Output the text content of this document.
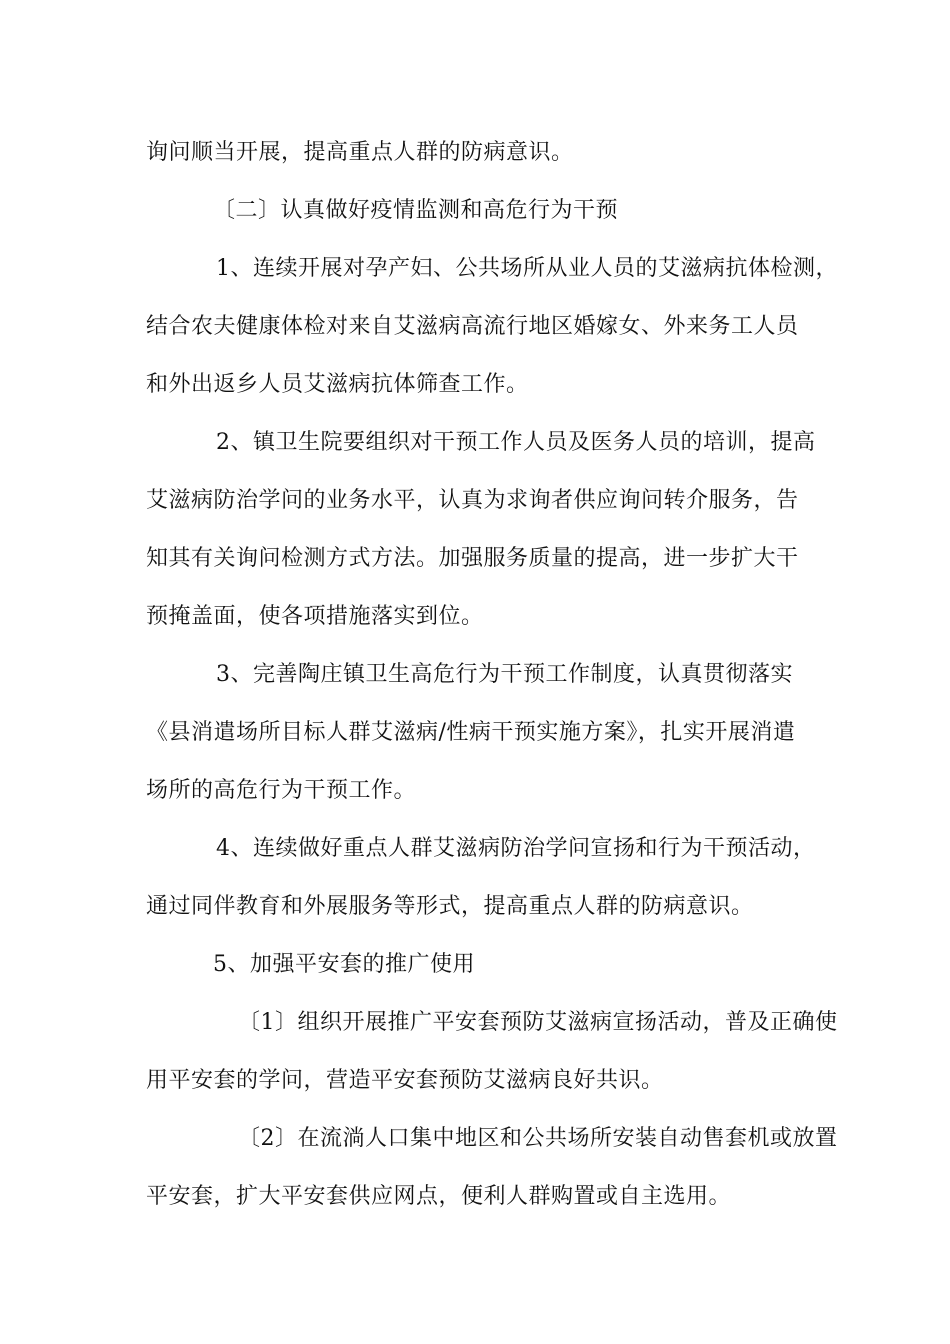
询问顺当开展，提高重点人群的防病意识。
〔二〕认真做好疫情监测和高危行为干预
1、连续开展对孕产妇、公共场所从业人员的艾滋病抗体检测，
结合农夫健康体检对来自艾滋病高流行地区婚嫁女、外来务工人员
和外出返乡人员艾滋病抗体筛查工作。
2、镇卫生院要组织对干预工作人员及医务人员的培训，提高
艾滋病防治学问的业务水平，认真为求询者供应询问转介服务，告
知其有关询问检测方式方法。加强服务质量的提高，进一步扩大干
预掩盖面，使各项措施落实到位。
3、完善陶庄镇卫生高危行为干预工作制度，认真贯彻落实
《县消遣场所目标人群艾滋病/性病干预实施方案》，扎实开展消遣
场所的高危行为干预工作。
4、连续做好重点人群艾滋病防治学问宣扬和行为干预活动，
通过同伴教育和外展服务等形式，提高重点人群的防病意识。
5、加强平安套的推广使用
〔1〕组织开展推广平安套预防艾滋病宣扬活动，普及正确使
用平安套的学问，营造平安套预防艾滋病良好共识。
〔2〕在流淌人口集中地区和公共场所安装自动售套机或放置
平安套，扩大平安套供应网点，便利人群购置或自主选用。
